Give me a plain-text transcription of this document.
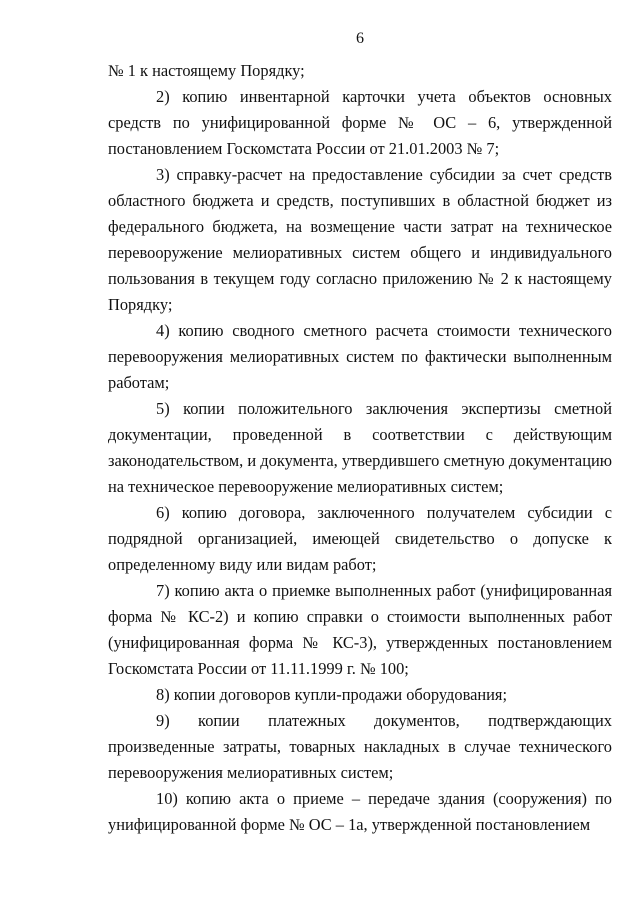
6

№ 1 к настоящему Порядку;

2) копию инвентарной карточки учета объектов основных средств по унифицированной форме № ОС – 6, утвержденной постановлением Госкомстата России от 21.01.2003 № 7;

3) справку-расчет на предоставление субсидии за счет средств областного бюджета и средств, поступивших в областной бюджет из федерального бюджета, на возмещение части затрат на техническое перевооружение мелиоративных систем общего и индивидуального пользования в текущем году согласно приложению № 2 к настоящему Порядку;

4) копию сводного сметного расчета стоимости технического перевооружения мелиоративных систем по фактически выполненным работам;

5) копии положительного заключения экспертизы сметной документации, проведенной в соответствии с действующим законодательством, и документа, утвердившего сметную документацию на техническое перевооружение мелиоративных систем;

6) копию договора, заключенного получателем субсидии с подрядной организацией, имеющей свидетельство о допуске к определенному виду или видам работ;

7) копию акта о приемке выполненных работ (унифицированная форма № КС-2) и копию справки о стоимости выполненных работ (унифицированная форма № КС-3), утвержденных постановлением Госкомстата России от 11.11.1999 г. № 100;

8) копии договоров купли-продажи оборудования;

9) копии платежных документов, подтверждающих произведенные затраты, товарных накладных в случае технического перевооружения мелиоративных систем;

10) копию акта о приеме – передаче здания (сооружения) по унифицированной форме № ОС – 1а, утвержденной постановлением
